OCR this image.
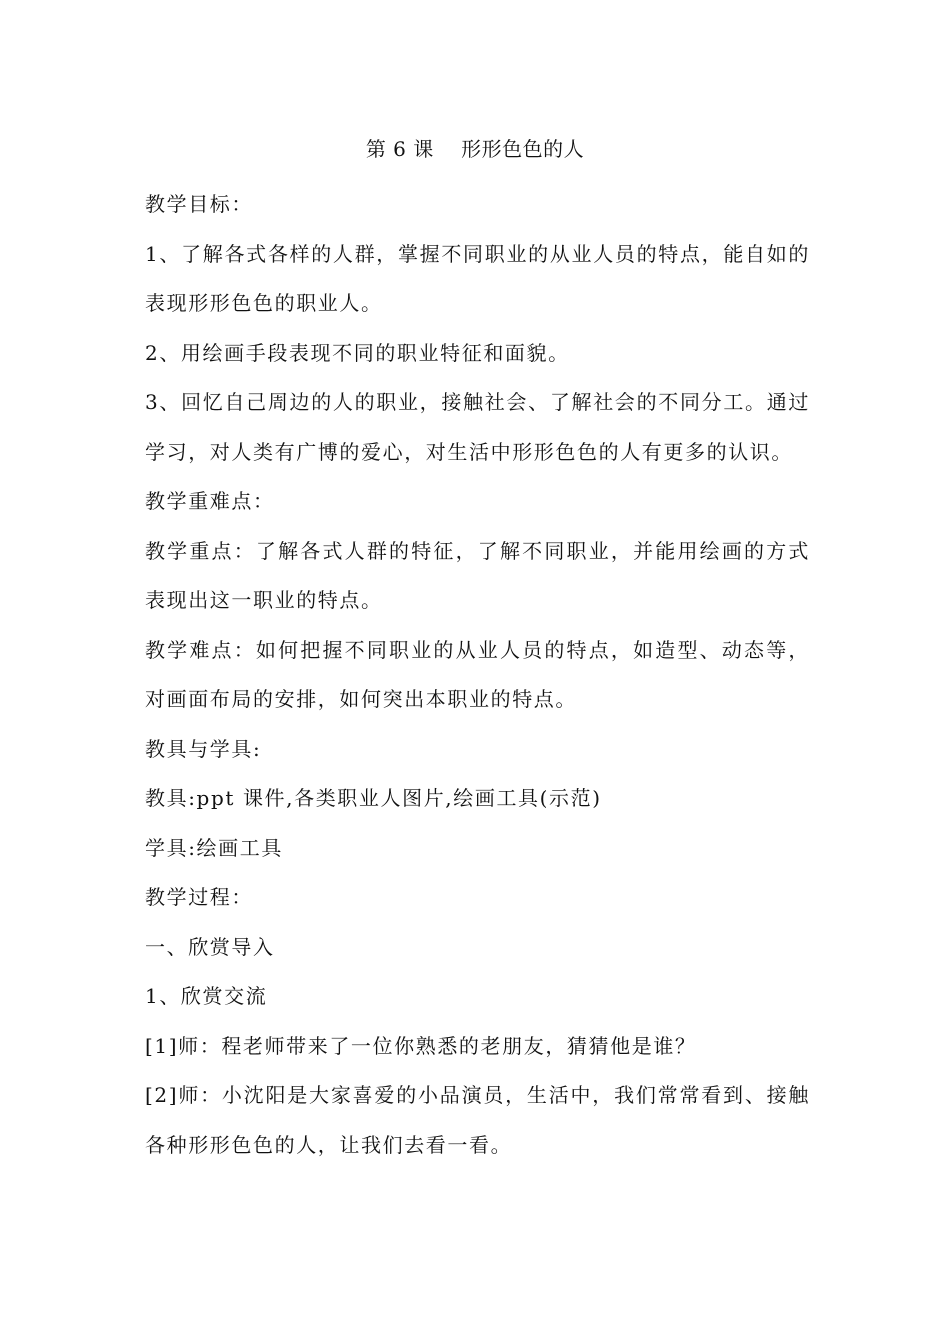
第 6 课    形形色色的人

教学目标：

1、了解各式各样的人群，掌握不同职业的从业人员的特点，能自如的表现形形色色的职业人。

2、用绘画手段表现不同的职业特征和面貌。

3、回忆自己周边的人的职业，接触社会、了解社会的不同分工。通过学习，对人类有广博的爱心，对生活中形形色色的人有更多的认识。

教学重难点：

教学重点：了解各式人群的特征，了解不同职业，并能用绘画的方式表现出这一职业的特点。

教学难点：如何把握不同职业的从业人员的特点，如造型、动态等，对画面布局的安排，如何突出本职业的特点。

教具与学具:

教具:ppt 课件,各类职业人图片,绘画工具(示范)

学具:绘画工具

教学过程：

一、欣赏导入

1、欣赏交流

[1]师：程老师带来了一位你熟悉的老朋友，猜猜他是谁？

[2]师：小沈阳是大家喜爱的小品演员，生活中，我们常常看到、接触各种形形色色的人，让我们去看一看。
